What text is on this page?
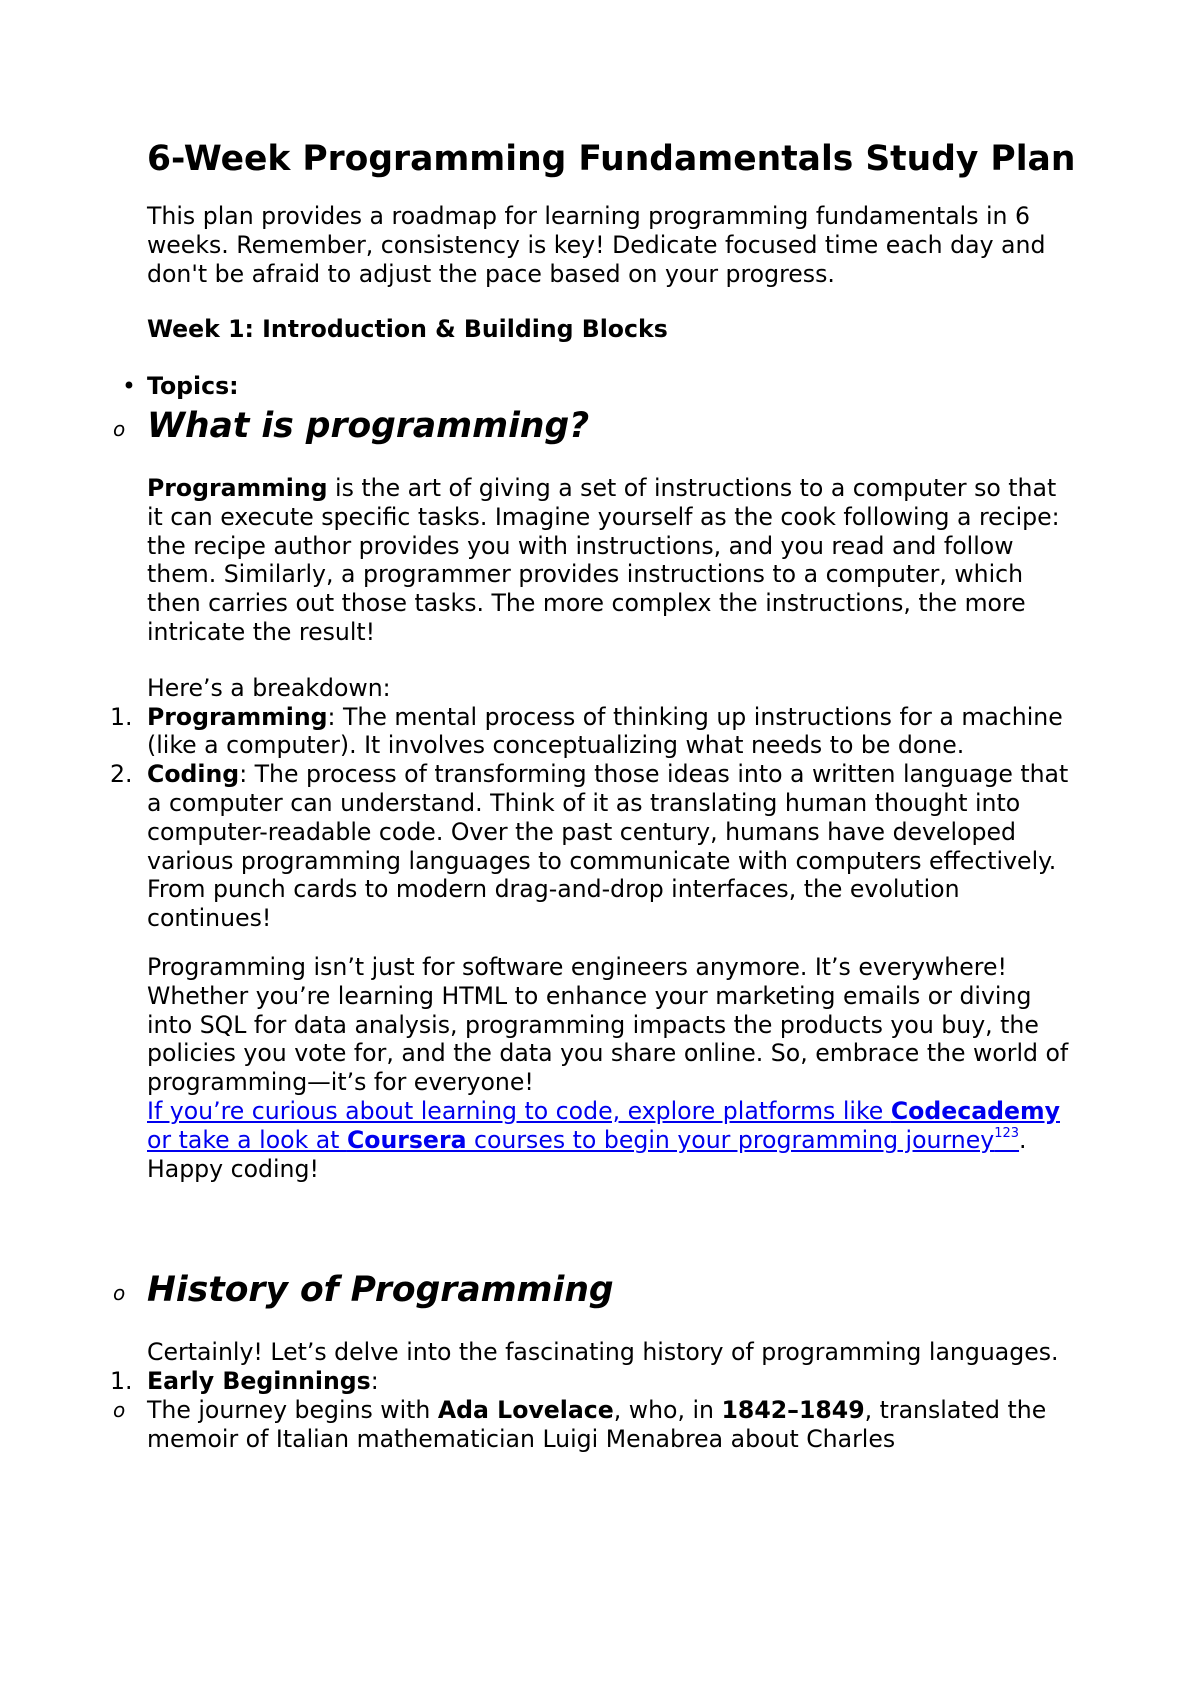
6-Week Programming Fundamentals Study Plan

This plan provides a roadmap for learning programming fundamentals in 6 weeks. Remember, consistency is key! Dedicate focused time each day and don't be afraid to adjust the pace based on your progress.

Week 1: Introduction & Building Blocks
• Topics:
o What is programming?

Programming is the art of giving a set of instructions to a computer so that it can execute specific tasks. Imagine yourself as the cook following a recipe: the recipe author provides you with instructions, and you read and follow them. Similarly, a programmer provides instructions to a computer, which then carries out those tasks. The more complex the instructions, the more intricate the result!

Here’s a breakdown:

1. Programming: The mental process of thinking up instructions for a machine (like a computer). It involves conceptualizing what needs to be done.

2. Coding: The process of transforming those ideas into a written language that a computer can understand. Think of it as translating human thought into computer-readable code. Over the past century, humans have developed various programming languages to communicate with computers effectively. From punch cards to modern drag-and-drop interfaces, the evolution continues!

Programming isn’t just for software engineers anymore. It’s everywhere! Whether you’re learning HTML to enhance your marketing emails or diving into SQL for data analysis, programming impacts the products you buy, the policies you vote for, and the data you share online. So, embrace the world of programming—it’s for everyone!
If you’re curious about learning to code, explore platforms like Codecademy or take a look at Coursera courses to begin your programming journey$^{123}$. Happy coding!

o History of Programming

Certainly! Let’s delve into the fascinating history of programming languages.

1. Early Beginnings:

o The journey begins with Ada Lovelace, who, in 1842–1849, translated the memoir of Italian mathematician Luigi Menabrea about Charles
